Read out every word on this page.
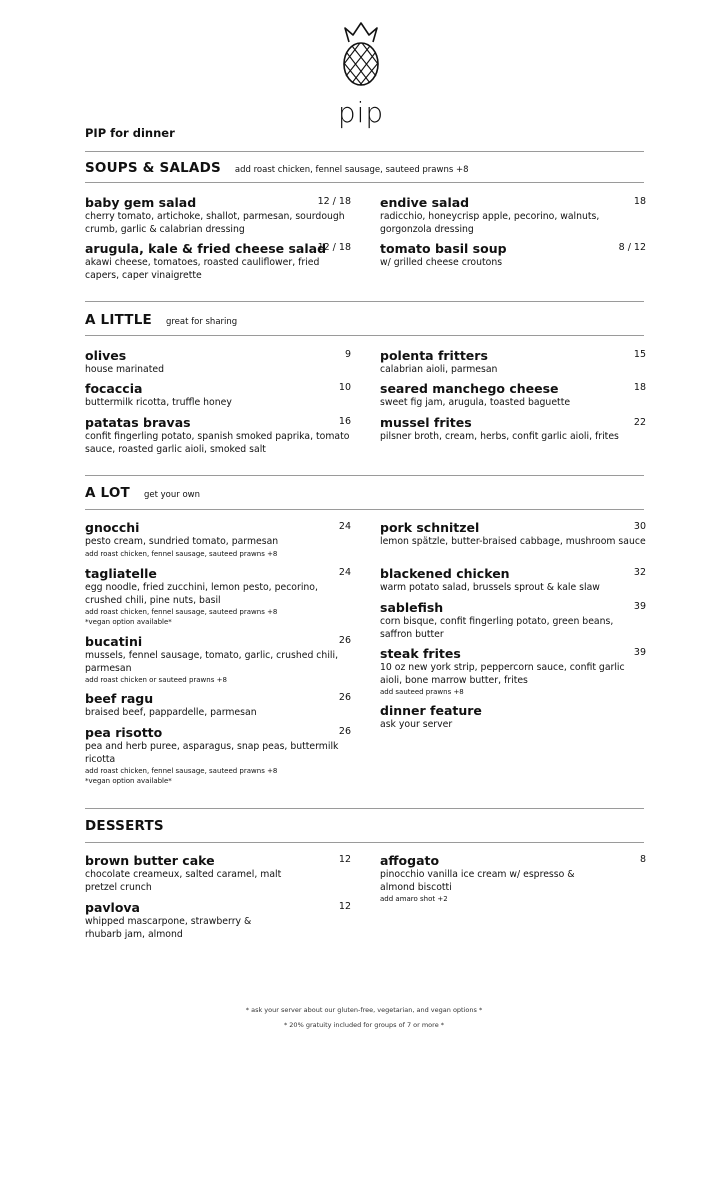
pip
PIP for dinner
SOUPS & SALADS add roast chicken, fennel sausage, sauteed prawns +8
baby gem salad	12 / 18
cherry tomato, artichoke, shallot, parmesan, sourdough crumb, garlic & calabrian dressing
arugula, kale & fried cheese salad
12 / 18
akawi cheese, tomatoes, roasted cauliflower, fried capers, caper vinaigrette
endive salad	18
radicchio, honeycrisp apple, pecorino, walnuts, gorgonzola dressing
tomato basil soup	8 / 12
w/ grilled cheese croutons
A LITTLE great for sharing
olives	9
house marinated
focaccia	10
buttermilk ricotta, truffle honey
patatas bravas	16
confit fingerling potato, spanish smoked paprika, tomato sauce, roasted garlic aioli, smoked salt
polenta fritters	15
calabrian aioli, parmesan
seared manchego cheese	18
sweet fig jam, arugula, toasted baguette
mussel frites	22
pilsner broth, cream, herbs, confit garlic aioli, frites
A LOT get your own
gnocchi	24
pesto cream, sundried tomato, parmesan
add roast chicken, fennel sausage, sauteed prawns +8
tagliatelle	24
egg noodle, fried zucchini, lemon pesto, pecorino, crushed chili, pine nuts, basil
add roast chicken, fennel sausage, sauteed prawns +8
*vegan option available*
bucatini	26
mussels, fennel sausage, tomato, garlic, crushed chili, parmesan
add roast chicken or sauteed prawns +8
beef ragu	26
braised beef, pappardelle, parmesan
pea risotto	26
pea and herb puree, asparagus, snap peas, buttermilk ricotta
add roast chicken, fennel sausage, sauteed prawns +8
*vegan option available*
pork schnitzel	30
lemon spätzle, butter-braised cabbage, mushroom sauce
blackened chicken	32
warm potato salad, brussels sprout & kale slaw
sablefish	39
corn bisque, confit fingerling potato, green beans, saffron butter
steak frites	39
10 oz new york strip, peppercorn sauce, confit garlic aioli, bone marrow butter, frites
add sauteed prawns +8
dinner feature
ask your server
DESSERTS
brown butter cake	12
chocolate creameux, salted caramel, malt pretzel crunch
pavlova	12
whipped mascarpone, strawberry & rhubarb jam, almond
affogato	8
pinocchio vanilla ice cream w/ espresso & almond biscotti
add amaro shot +2
* ask your server about our gluten-free, vegetarian, and vegan options *
* 20% gratuity included for groups of 7 or more *
